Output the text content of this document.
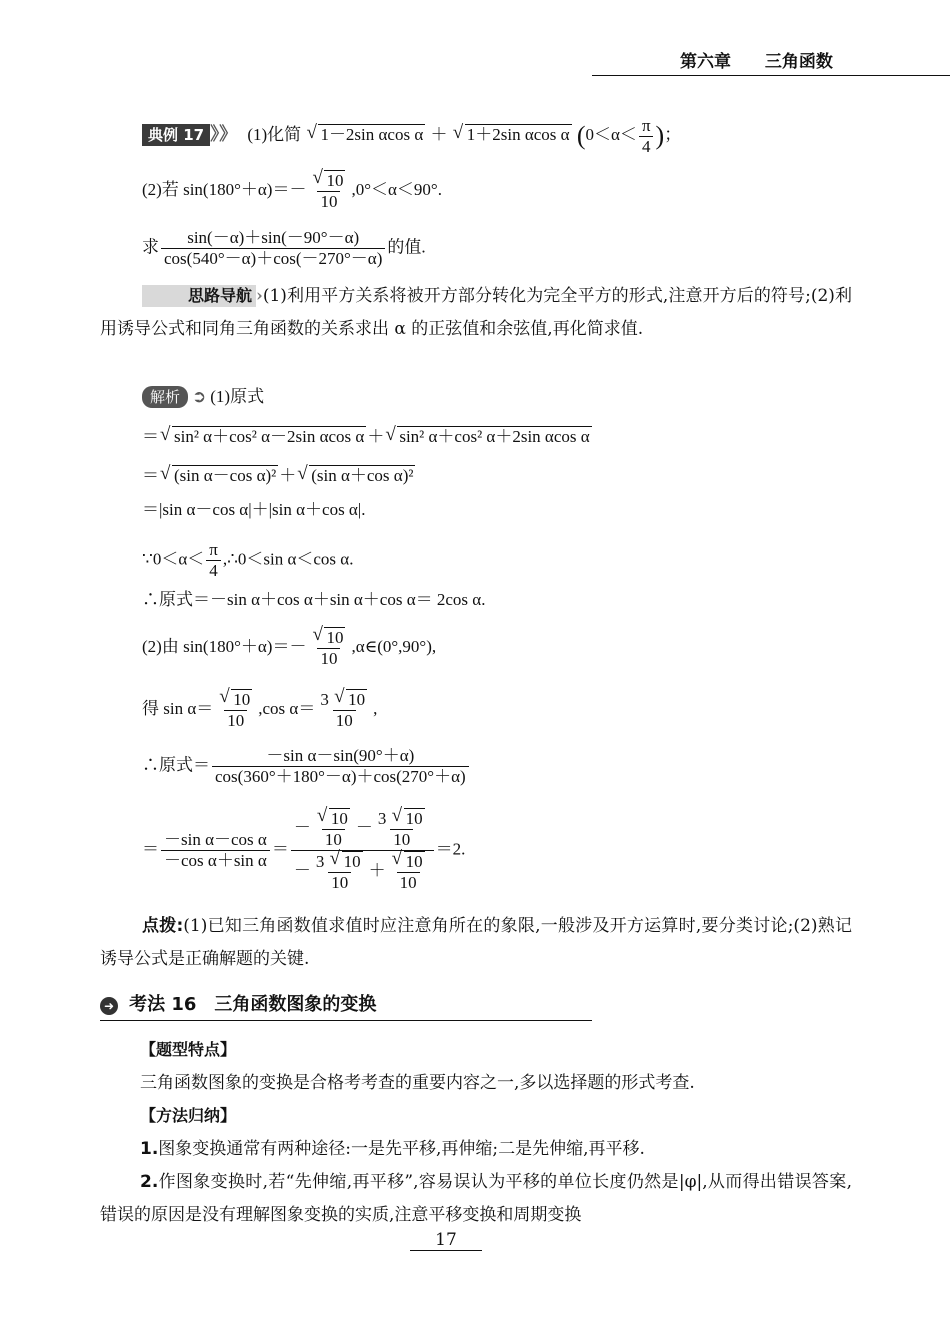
第六章 三角函数
典例 17 》》 (1)化简 √ 1－2sin αcos α ＋ √ 1＋2sin αcos α ($0<\alpha< \frac{\pi}{4}$ )；
(2)若 sin(180°＋α)＝－
√ $\frac{10}{10} ,0^\circ<\alpha<90^\circ$.
求 $\frac{\sin(-\alpha)+\sin(-90^\circ-\alpha)}{\cos(540^\circ-\alpha)+\cos(-270^\circ-\alpha)}$ 的值.
思路导航 ›(1)利用平方关系将被开方部分转化为完全平方的形式,注意开方后的符号;(2)利用诱导公式和同角三角函数的关系求出 α 的正弦值和余弦值,再化简求值.
解析 ➲ (1)原式
＝√ sin² α＋cos² α－2sin αcos α ＋√ sin² α＋cos² α＋2sin αcos α
＝√ (sin α－cos α)² ＋√ (sin α＋cos α)²
＝|sin α－cos α|＋|sin α＋cos α|.
∵0＜α＜ $\frac{\pi}{4}$ ,∴0＜sin α＜cos α.
∴原式＝－sin α＋cos α＋sin α＋cos α＝ 2cos α.
(2)由 sin(180°＋α)＝－
√ $\frac{10}{10}$ ,α∈(0°,90°),
得 sin α＝
√ $\frac{10}{10} ,\cos$ $\alpha= \frac{3 √ 10}{10}$ ,
∴原式＝ $\frac{\text{－sin α－sin(90°＋α)}}{\cos(360^\circ+180^\circ-\alpha)+\cos(270^\circ+\alpha)}$
＝ $\frac{\text{－sin α－cos α}}{\text{－cos α＋sin α}}$ ＝ －
√ $\frac{10}{10} - \frac{3 √ 10}{10}$
－ $\frac{3 √ 10}{10}$ ＋
√ $\frac{10}{10} =2$.
点拨:(1)已知三角函数值求值时应注意角所在的象限,一般涉及开方运算时,要分类讨论;(2)熟记诱导公式是正确解题的关键.
➜ 考法 16　三角函数图象的变换
【题型特点】
三角函数图象的变换是合格考考查的重要内容之一,多以选择题的形式考查.
【方法归纳】
1.图象变换通常有两种途径:一是先平移,再伸缩;二是先伸缩,再平移.
2.作图象变换时,若“先伸缩,再平移”,容易误认为平移的单位长度仍然是|φ|,从而得出错误答案,错误的原因是没有理解图象变换的实质,注意平移变换和周期变换
17
